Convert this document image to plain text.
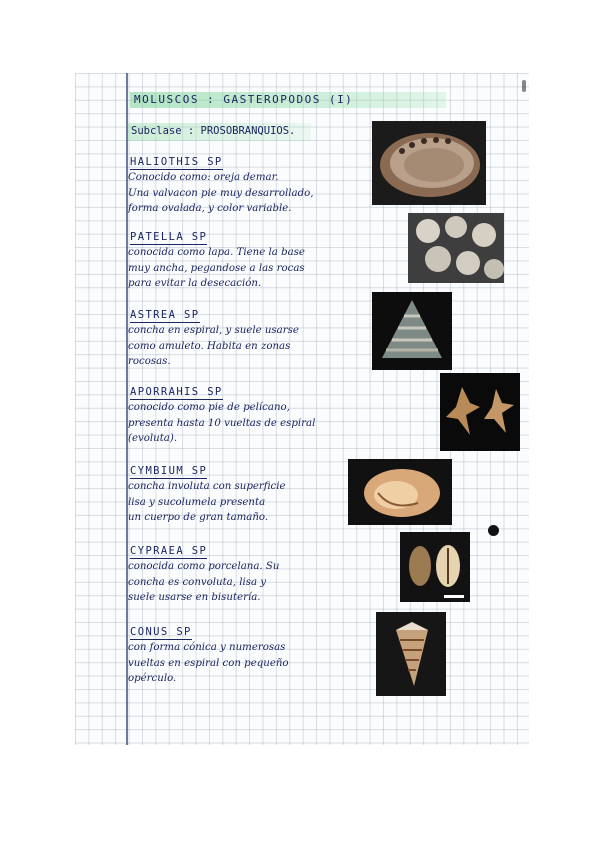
MOLUSCOS : GASTEROPODOS (I)
Subclase : PROSOBRANQUIOS.
HALIOTHIS SP
Conocido como: oreja demar.
Una valvacon pie muy desarrollado,
forma ovalada, y color variable.
PATELLA SP
conocida como lapa. Tiene la base
muy ancha, pegandose a las rocas
para evitar la desecación.
ASTREA SP
concha en espiral, y suele usarse
como amuleto. Habita en zonas
rocosas.
APORRAHIS SP
conocido como pie de pelícano,
presenta hasta 10 vueltas de espiral
(evoluta).
CYMBIUM SP
concha involuta con superficie
lisa y sucolumela presenta
un cuerpo de gran tamaño.
CYPRAEA SP
conocida como porcelana. Su
concha es convoluta, lisa y
suele usarse en bisutería.
CONUS SP
con forma cónica y numerosas
vueltas en espiral con pequeño
opérculo.
